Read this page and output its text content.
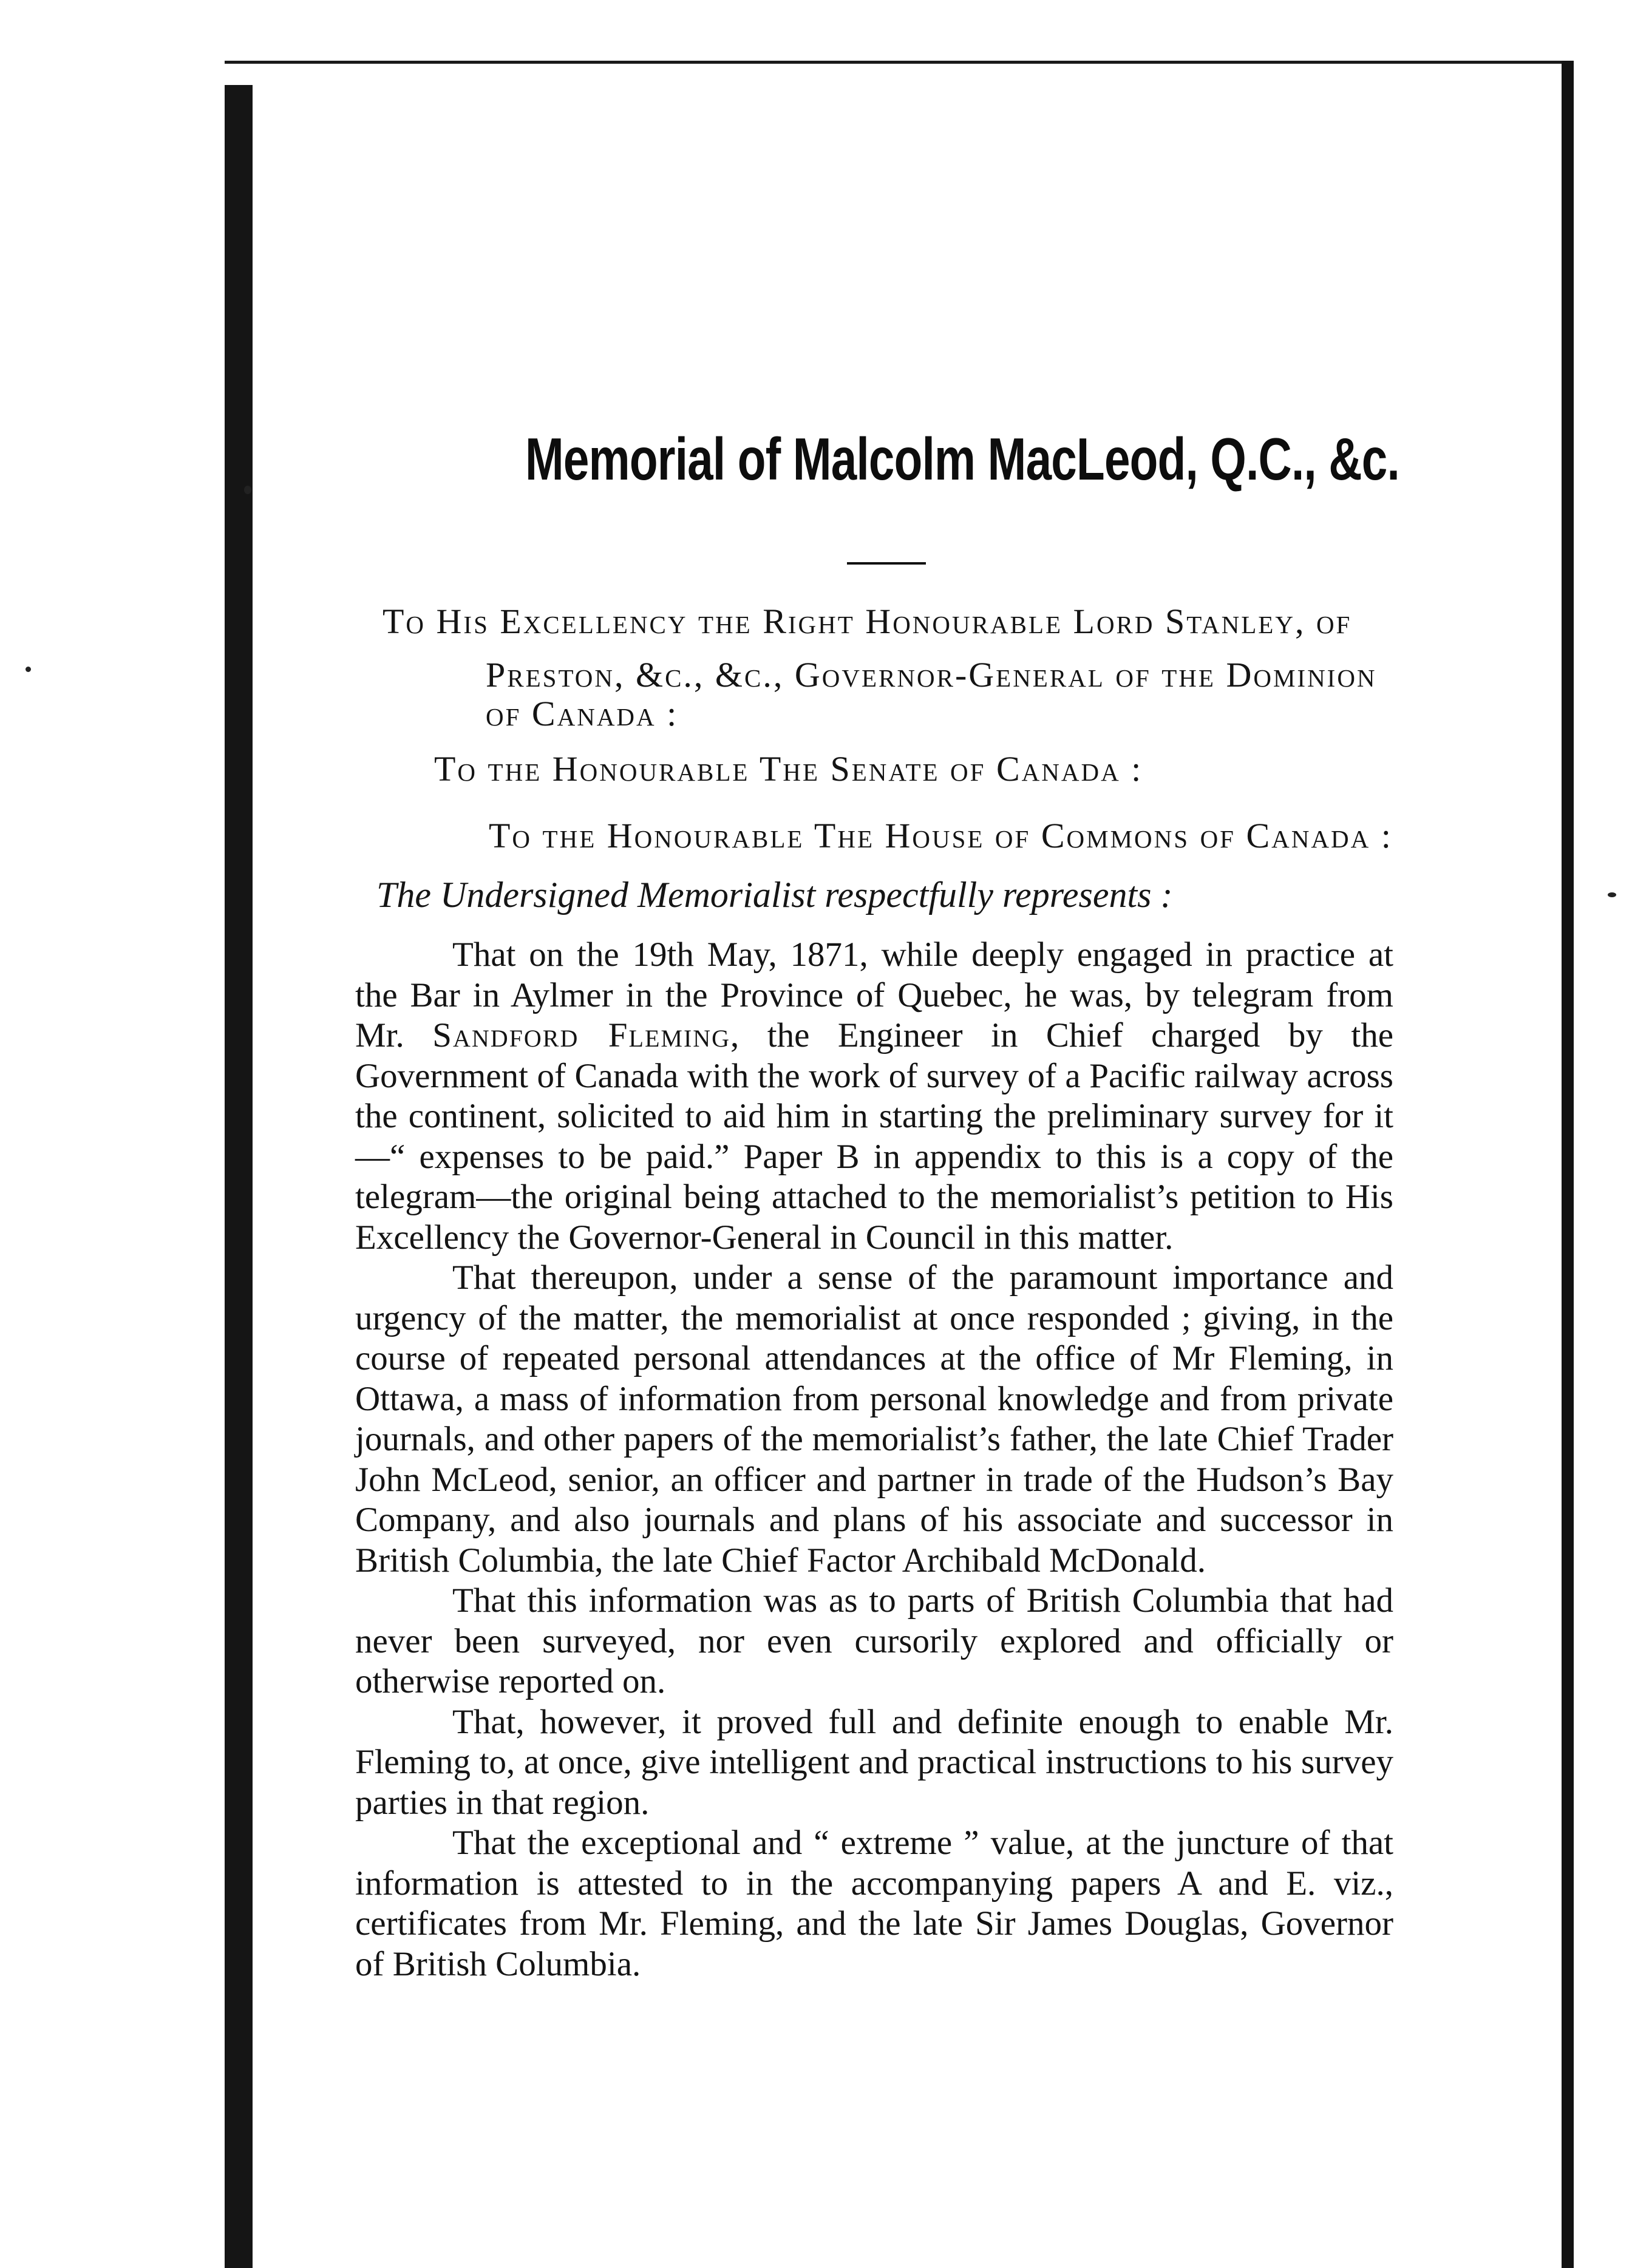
Memorial of Malcolm MacLeod, Q.C., &c.
To His Excellency the Right Honourable Lord Stanley, of
Preston, &c., &c., Governor-General of the Dominion
of Canada :
To the Honourable The Senate of Canada :
To the Honourable The House of Commons of Canada :
The Undersigned Memorialist respectfully represents :

That on the 19th May, 1871, while deeply engaged in practice at the Bar in Aylmer in the Province of Quebec, he was, by telegram from Mr. Sandford Fleming, the Engineer in Chief charged by the Government of Canada with the work of survey of a Pacific railway across the continent, solicited to aid him in starting the preliminary survey for it—“ expenses to be paid.” Paper B in appendix to this is a copy of the telegram—the original being attached to the memorialist’s petition to His Excellency the Governor-General in Council in this matter.

That thereupon, under a sense of the paramount importance and urgency of the matter, the memorialist at once responded ; giving, in the course of repeated personal attendances at the office of Mr Fleming, in Ottawa, a mass of information from personal knowledge and from private journals, and other papers of the memorialist’s father, the late Chief Trader John McLeod, senior, an officer and partner in trade of the Hudson’s Bay Company, and also journals and plans of his associate and successor in British Columbia, the late Chief Factor Archibald McDonald.

That this information was as to parts of British Columbia that had never been surveyed, nor even cursorily explored and officially or otherwise reported on.

That, however, it proved full and definite enough to enable Mr. Fleming to, at once, give intelligent and practical instructions to his survey parties in that region.

That the exceptional and “ extreme ” value, at the juncture of that information is attested to in the accompanying papers A and E. viz., certificates from Mr. Fleming, and the late Sir James Douglas, Governor of British Columbia.
